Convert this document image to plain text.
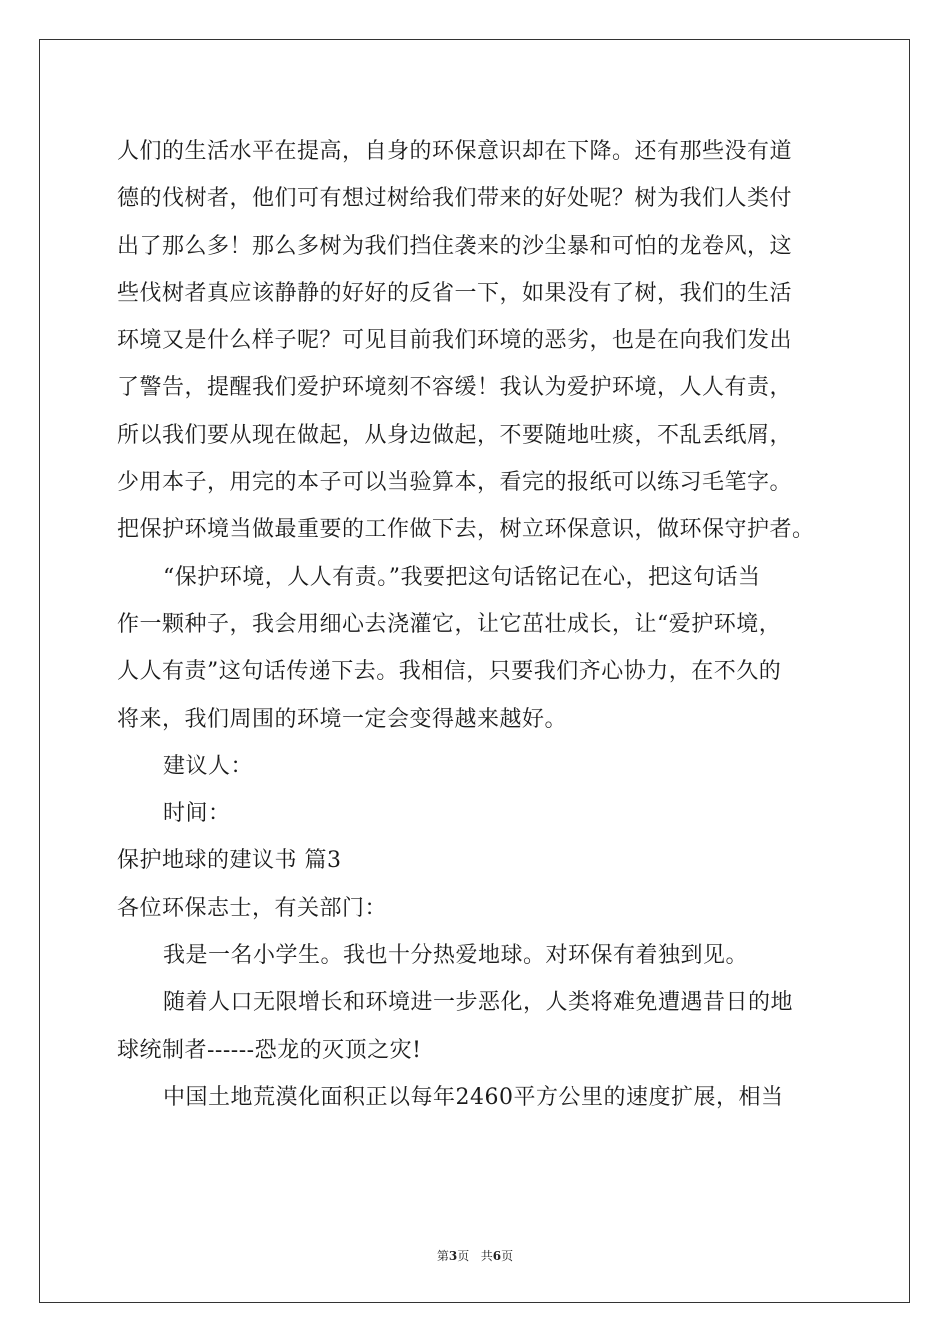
人们的生活水平在提高，自身的环保意识却在下降。还有那些没有道
德的伐树者，他们可有想过树给我们带来的好处呢？树为我们人类付
出了那么多！那么多树为我们挡住袭来的沙尘暴和可怕的龙卷风，这
些伐树者真应该静静的好好的反省一下，如果没有了树，我们的生活
环境又是什么样子呢？可见目前我们环境的恶劣，也是在向我们发出
了警告，提醒我们爱护环境刻不容缓！我认为爱护环境，人人有责，
所以我们要从现在做起，从身边做起，不要随地吐痰，不乱丢纸屑，
少用本子，用完的本子可以当验算本，看完的报纸可以练习毛笔字。
把保护环境当做最重要的工作做下去，树立环保意识，做环保守护者。
“保护环境，人人有责。”我要把这句话铭记在心，把这句话当
作一颗种子，我会用细心去浇灌它，让它茁壮成长，让“爱护环境，
人人有责”这句话传递下去。我相信，只要我们齐心协力，在不久的
将来，我们周围的环境一定会变得越来越好。
建议人：
时间：
保护地球的建议书 篇3
各位环保志士，有关部门：
我是一名小学生。我也十分热爱地球。对环保有着独到见。
随着人口无限增长和环境进一步恶化，人类将难免遭遇昔日的地
球统制者------恐龙的灭顶之灾!
中国土地荒漠化面积正以每年2460平方公里的速度扩展，相当
第3页 共6页
